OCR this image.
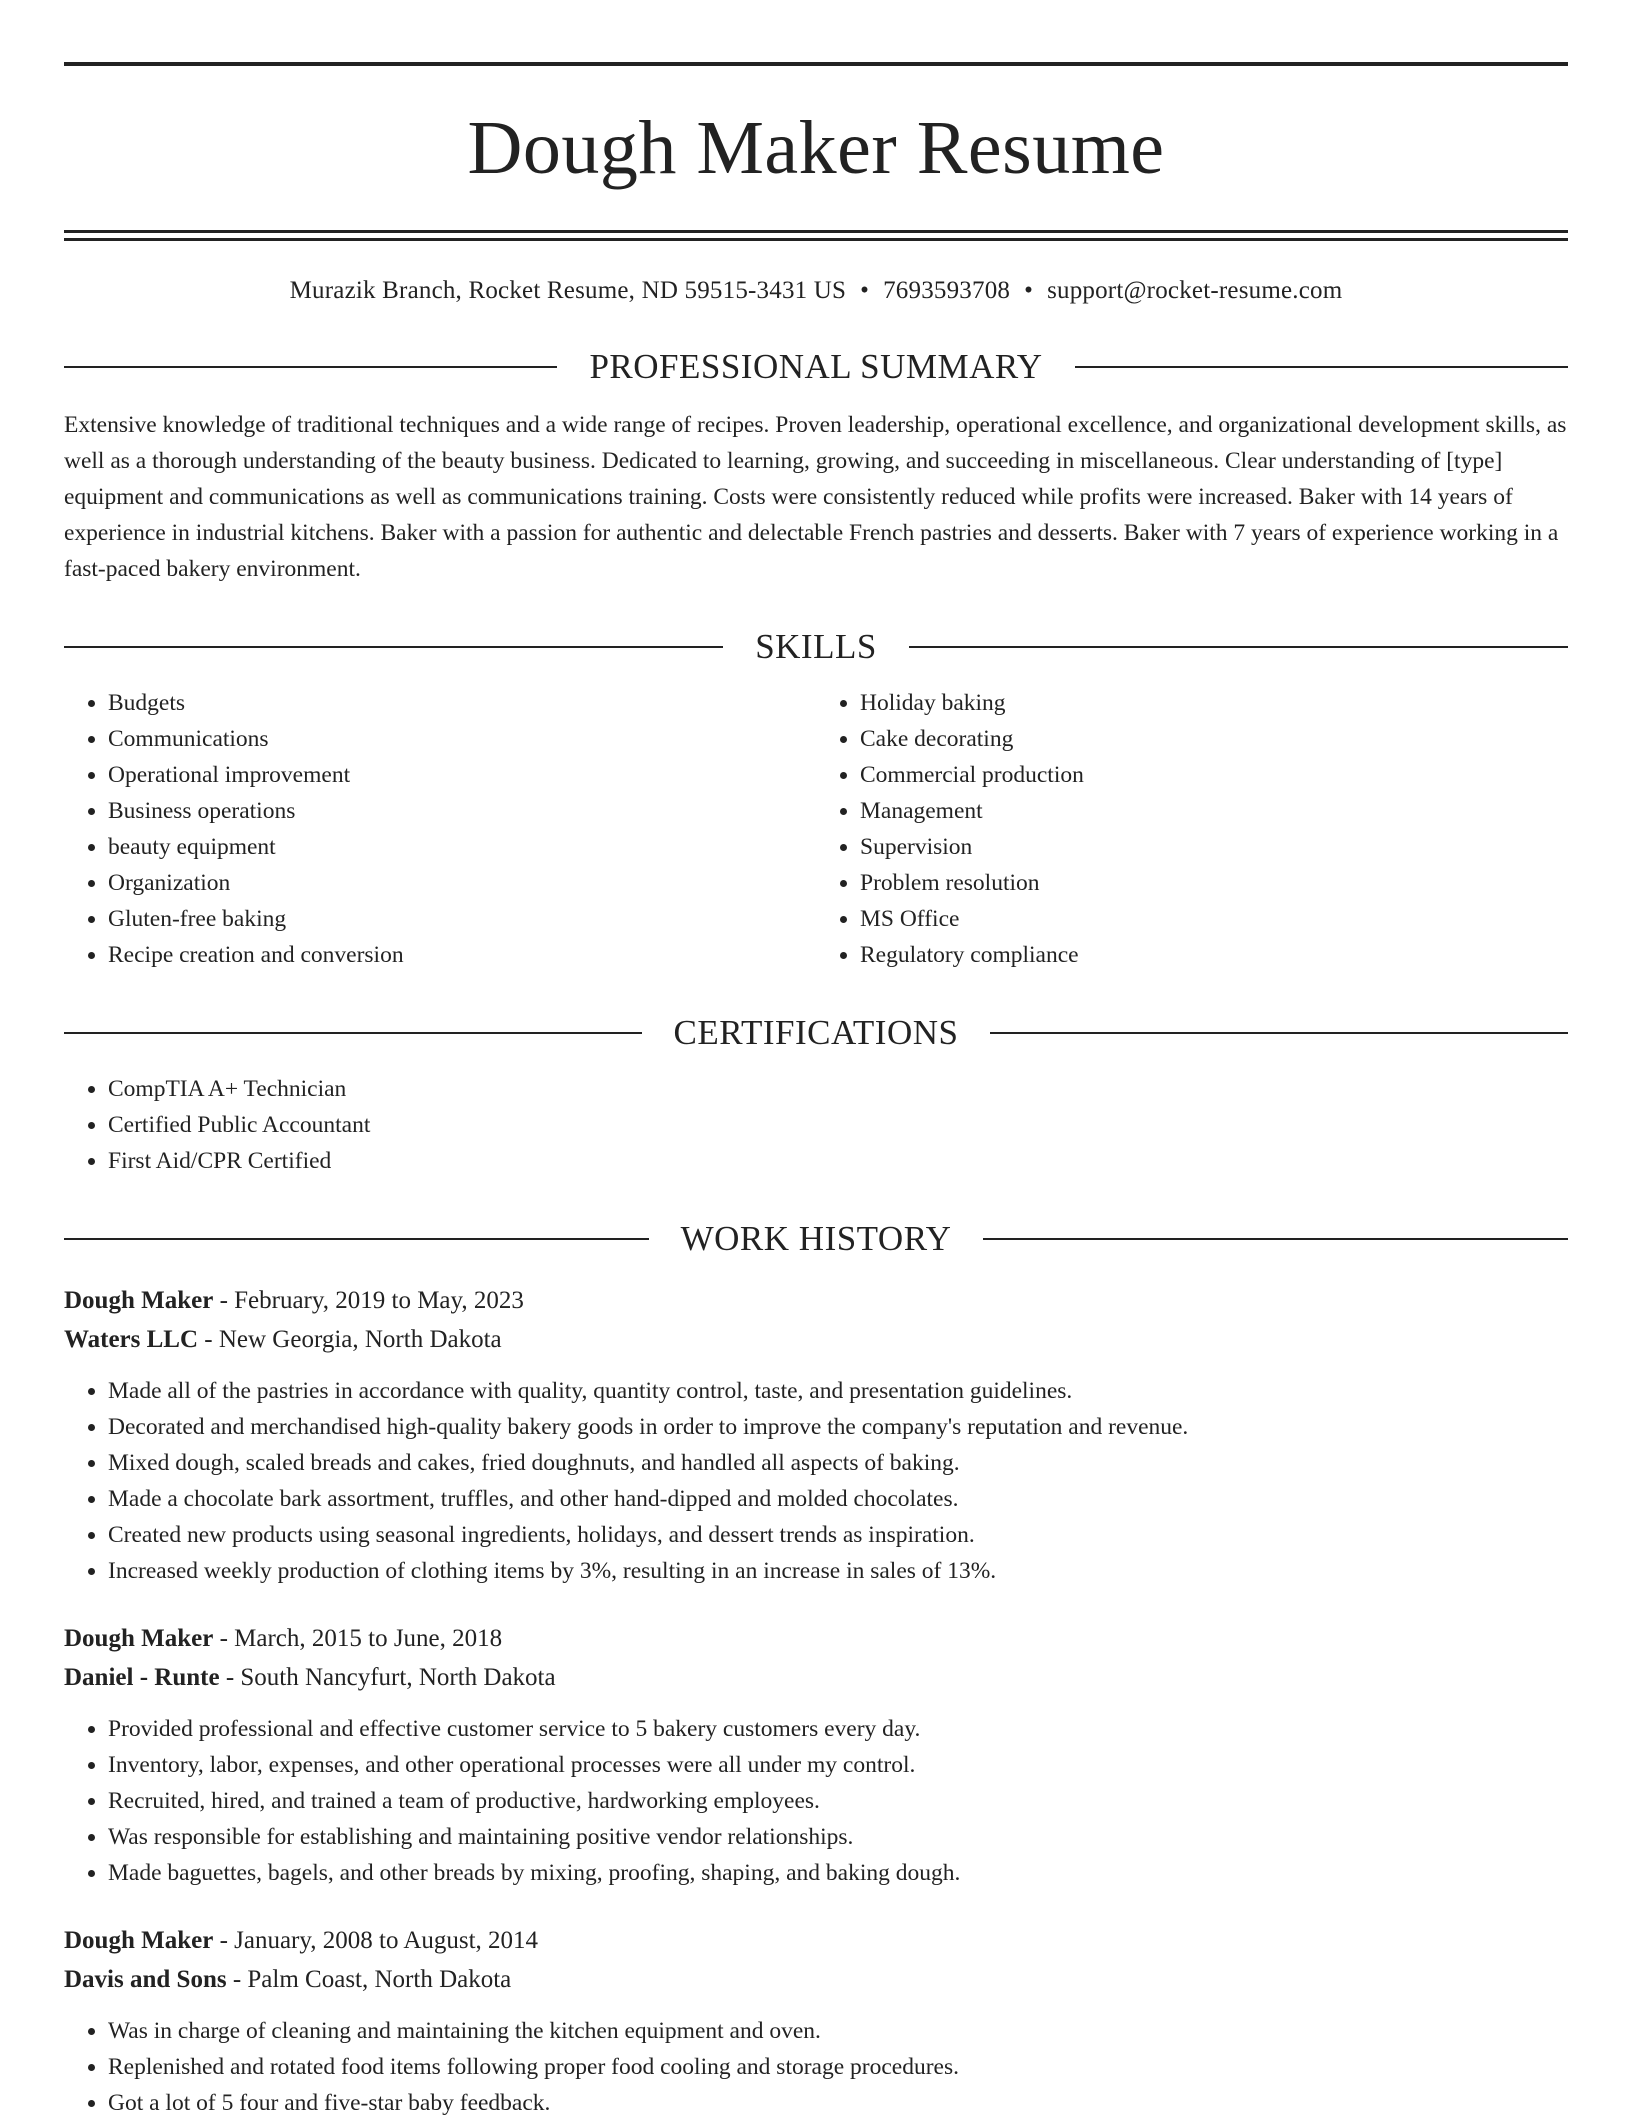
Dough Maker Resume
Murazik Branch, Rocket Resume, ND 59515-3431 US • 7693593708 • support@rocket-resume.com
PROFESSIONAL SUMMARY

Extensive knowledge of traditional techniques and a wide range of recipes. Proven leadership, operational excellence, and organizational development skills, as well as a thorough understanding of the beauty business. Dedicated to learning, growing, and succeeding in miscellaneous. Clear understanding of [type] equipment and communications as well as communications training. Costs were consistently reduced while profits were increased. Baker with 14 years of experience in industrial kitchens. Baker with a passion for authentic and delectable French pastries and desserts. Baker with 7 years of experience working in a fast-paced bakery environment.

SKILLS
• Budgets
• Communications
• Operational improvement
• Business operations
• beauty equipment
• Organization
• Gluten-free baking
• Recipe creation and conversion
• Holiday baking
• Cake decorating
• Commercial production
• Management
• Supervision
• Problem resolution
• MS Office
• Regulatory compliance
CERTIFICATIONS
• CompTIA A+ Technician
• Certified Public Accountant
• First Aid/CPR Certified
WORK HISTORY
Dough Maker - February, 2019 to May, 2023
Waters LLC - New Georgia, North Dakota
• Made all of the pastries in accordance with quality, quantity control, taste, and presentation guidelines.
• Decorated and merchandised high-quality bakery goods in order to improve the company's reputation and revenue.
• Mixed dough, scaled breads and cakes, fried doughnuts, and handled all aspects of baking.
• Made a chocolate bark assortment, truffles, and other hand-dipped and molded chocolates.
• Created new products using seasonal ingredients, holidays, and dessert trends as inspiration.
• Increased weekly production of clothing items by 3%, resulting in an increase in sales of 13%.
Dough Maker - March, 2015 to June, 2018
Daniel - Runte - South Nancyfurt, North Dakota
• Provided professional and effective customer service to 5 bakery customers every day.
• Inventory, labor, expenses, and other operational processes were all under my control.
• Recruited, hired, and trained a team of productive, hardworking employees.
• Was responsible for establishing and maintaining positive vendor relationships.
• Made baguettes, bagels, and other breads by mixing, proofing, shaping, and baking dough.
Dough Maker - January, 2008 to August, 2014
Davis and Sons - Palm Coast, North Dakota
• Was in charge of cleaning and maintaining the kitchen equipment and oven.
• Replenished and rotated food items following proper food cooling and storage procedures.
• Got a lot of 5 four and five-star baby feedback.
